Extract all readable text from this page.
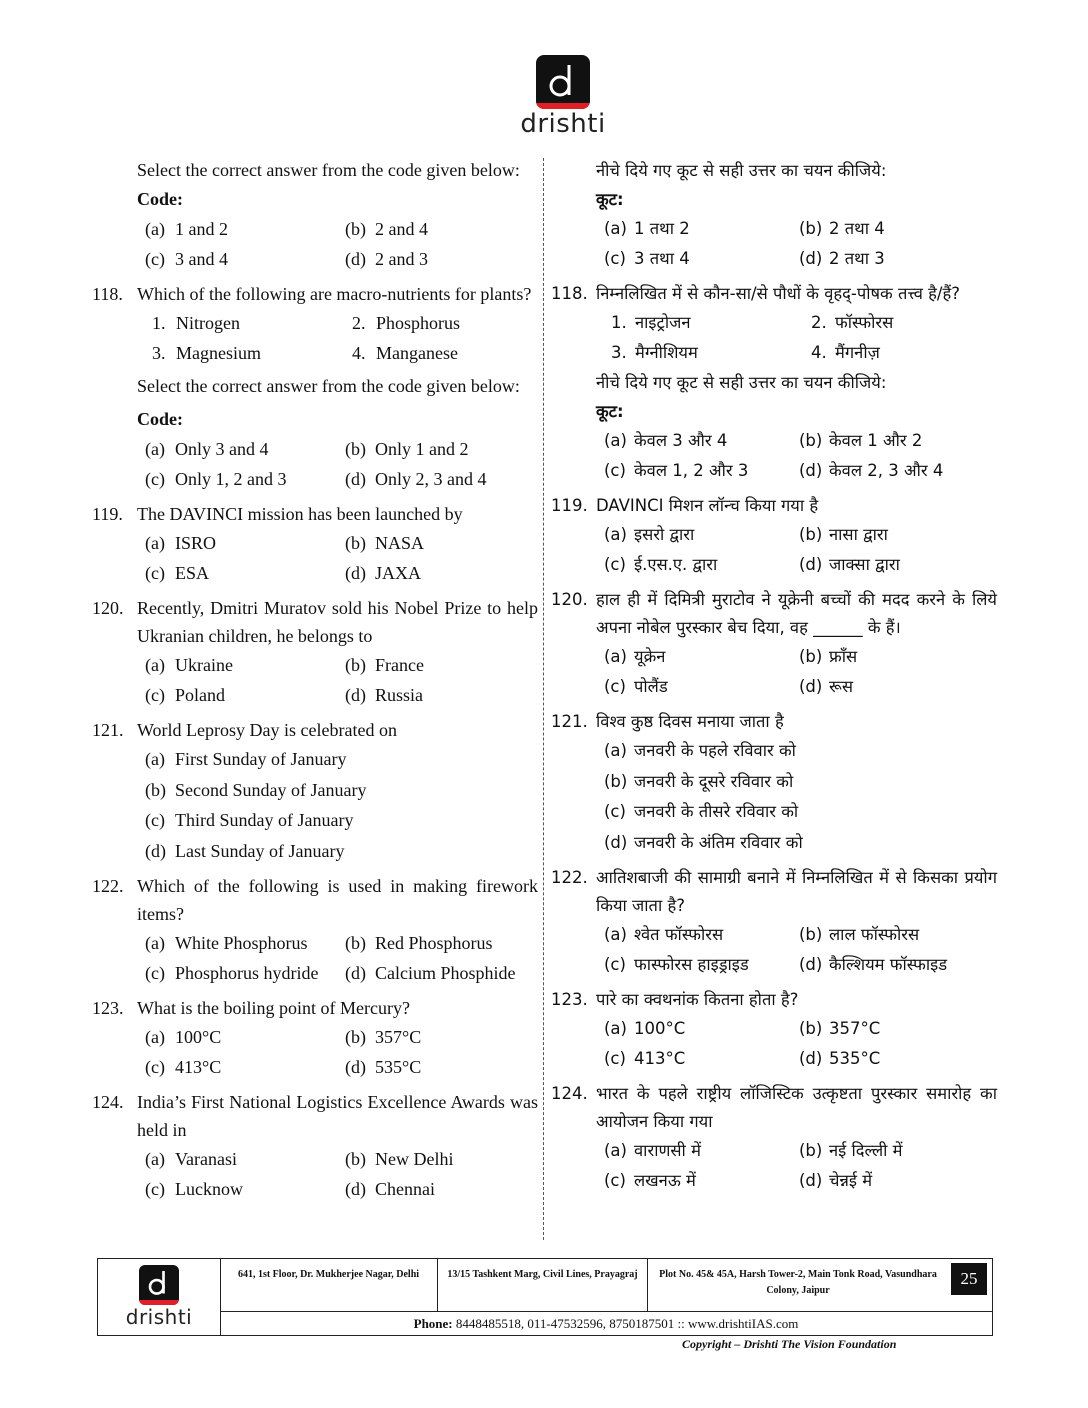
drishti
Select the correct answer from the code given below:
Code:
(a) 1 and 2	(b) 2 and 4
(c) 3 and 4	(d) 2 and 3
118. Which of the following are macro-nutrients for plants?
1. Nitrogen	2. Phosphorus
3. Magnesium	4. Manganese
Select the correct answer from the code given below:
Code:
(a) Only 3 and 4	(b) Only 1 and 2
(c) Only 1, 2 and 3	(d) Only 2, 3 and 4
119. The DAVINCI mission has been launched by
(a) ISRO	(b) NASA
(c) ESA	(d) JAXA
120. Recently, Dmitri Muratov sold his Nobel Prize to help Ukranian children, he belongs to
(a) Ukraine	(b) France
(c) Poland	(d) Russia
121. World Leprosy Day is celebrated on
(a) First Sunday of January
(b) Second Sunday of January
(c) Third Sunday of January
(d) Last Sunday of January
122. Which of the following is used in making firework items?
(a) White Phosphorus (b) Red Phosphorus
(c) Phosphorus hydride (d) Calcium Phosphide
123. What is the boiling point of Mercury?
(a) 100°C	(b) 357°C
(c) 413°C	(d) 535°C
124. India’s First National Logistics Excellence Awards was held in
(a) Varanasi	(b) New Delhi
(c) Lucknow	(d) Chennai
नीचे दिये गए कूट से सही उत्तर का चयन कीजिये:
कूट:
(a) 1 तथा 2	(b) 2 तथा 4
(c) 3 तथा 4	(d) 2 तथा 3
118. निम्नलिखित में से कौन-सा/से पौधों के वृहद्-पोषक तत्त्व है/हैं?
1. नाइट्रोजन	2. फॉस्फोरस
3. मैग्नीशियम	4. मैंगनीज़
नीचे दिये गए कूट से सही उत्तर का चयन कीजिये:
कूट:
(a) केवल 3 और 4	(b) केवल 1 और 2
(c) केवल 1, 2 और 3	(d) केवल 2, 3 और 4
119. DAVINCI मिशन लॉन्च किया गया है
(a) इसरो द्वारा	(b) नासा द्वारा
(c) ई.एस.ए. द्वारा	(d) जाक्सा द्वारा
120. हाल ही में दिमित्री मुराटोव ने यूक्रेनी बच्चों की मदद करने के लिये अपना नोबेल पुरस्कार बेच दिया, वह ______ के हैं।
(a) यूक्रेन	(b) फ्राँस
(c) पोलैंड	(d) रूस
121. विश्व कुष्ठ दिवस मनाया जाता है
(a) जनवरी के पहले रविवार को
(b) जनवरी के दूसरे रविवार को
(c) जनवरी के तीसरे रविवार को
(d) जनवरी के अंतिम रविवार को
122. आतिशबाजी की सामाग्री बनाने में निम्नलिखित में से किसका प्रयोग किया जाता है?
(a) श्वेत फॉस्फोरस	(b) लाल फॉस्फोरस
(c) फास्फोरस हाइड्राइड	(d) कैल्शियम फॉस्फाइड
123. पारे का क्वथनांक कितना होता है?
(a) 100°C	(b) 357°C
(c) 413°C	(d) 535°C
124. भारत के पहले राष्ट्रीय लॉजिस्टिक उत्कृष्टता पुरस्कार समारोह का आयोजन किया गया
(a) वाराणसी में	(b) नई दिल्ली में
(c) लखनऊ में	(d) चेन्नई में
drishti
641, 1st Floor, Dr. Mukherjee Nagar, Delhi	13/15 Tashkent Marg, Civil Lines, Prayagraj	Plot No. 45& 45A, Harsh Tower-2, Main Tonk Road, Vasundhara Colony, Jaipur
25
Phone: 8448485518, 011-47532596, 8750187501 :: www.drishtiIAS.com
Copyright – Drishti The Vision Foundation
